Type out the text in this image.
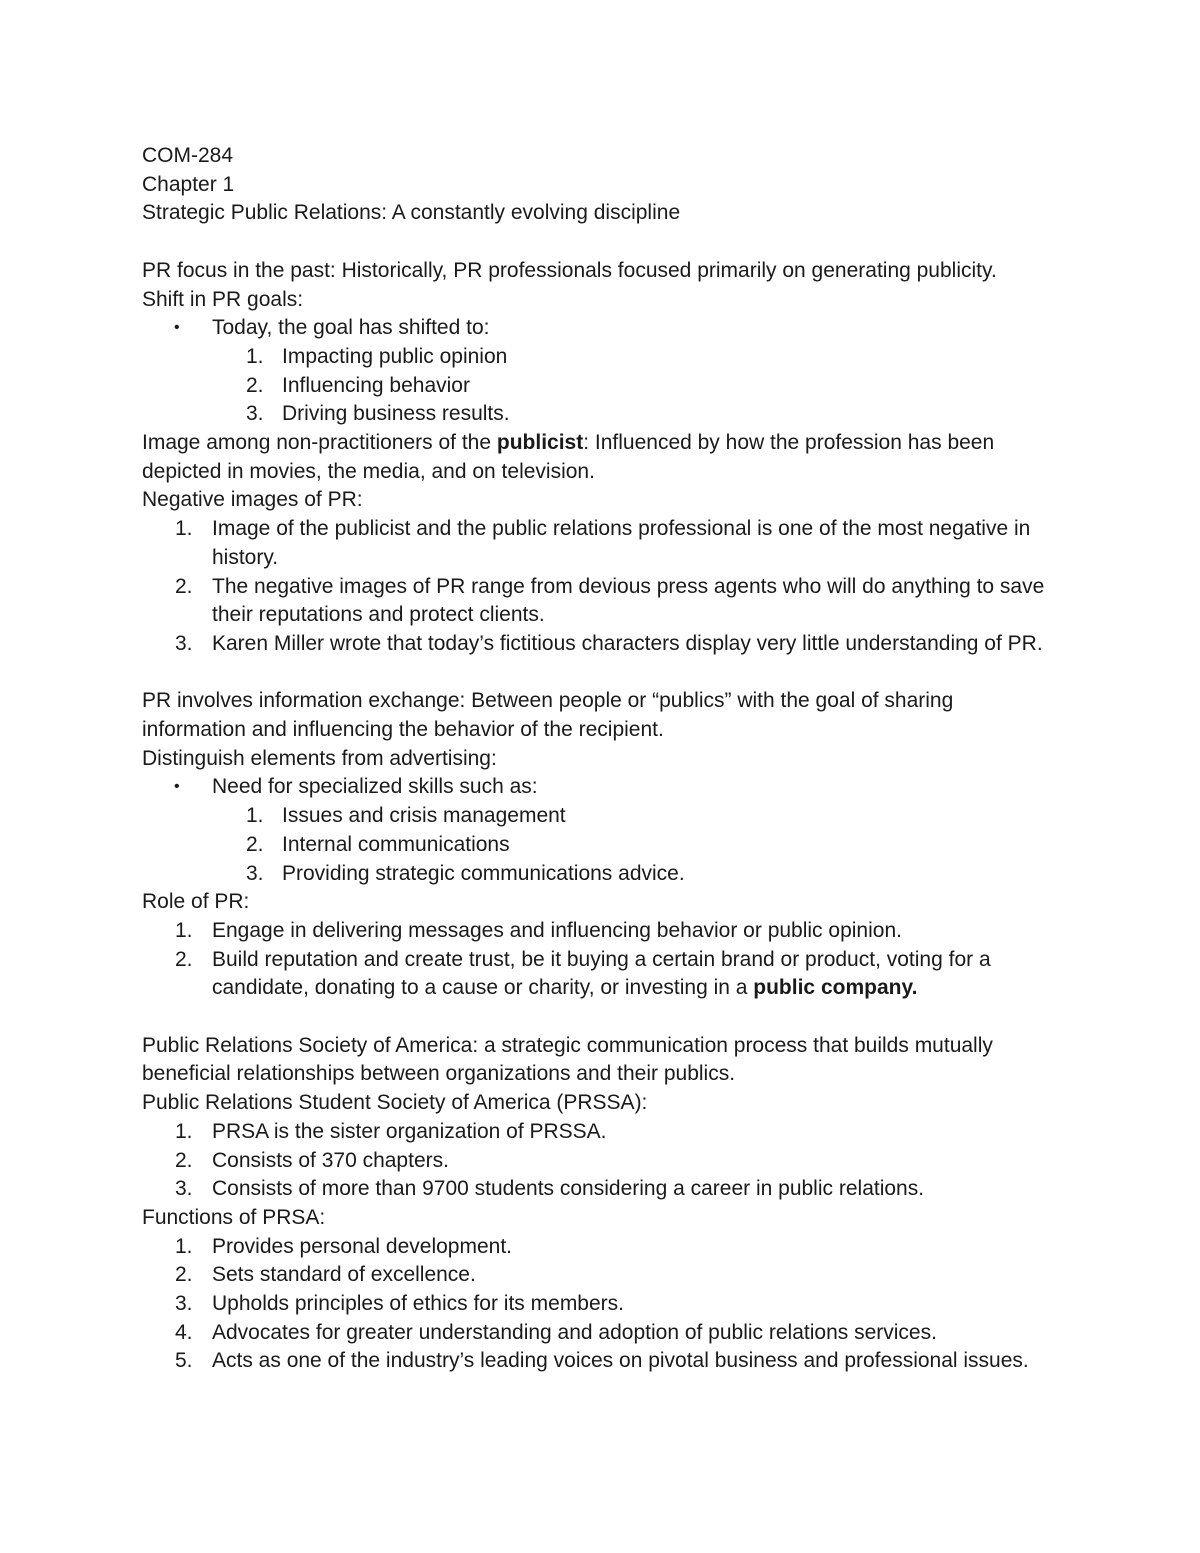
COM-284
Chapter 1
Strategic Public Relations: A constantly evolving discipline
PR focus in the past: Historically, PR professionals focused primarily on generating publicity.
Shift in PR goals:
• Today, the goal has shifted to:
1. Impacting public opinion
2. Influencing behavior
3. Driving business results.
Image among non-practitioners of the publicist: Influenced by how the profession has been depicted in movies, the media, and on television.
Negative images of PR:
1. Image of the publicist and the public relations professional is one of the most negative in history.
2. The negative images of PR range from devious press agents who will do anything to save their reputations and protect clients.
3. Karen Miller wrote that today’s fictitious characters display very little understanding of PR.
PR involves information exchange: Between people or “publics” with the goal of sharing information and influencing the behavior of the recipient.
Distinguish elements from advertising:
• Need for specialized skills such as:
1. Issues and crisis management
2. Internal communications
3. Providing strategic communications advice.
Role of PR:
1. Engage in delivering messages and influencing behavior or public opinion.
2. Build reputation and create trust, be it buying a certain brand or product, voting for a candidate, donating to a cause or charity, or investing in a public company.
Public Relations Society of America: a strategic communication process that builds mutually beneficial relationships between organizations and their publics.
Public Relations Student Society of America (PRSSA):
1. PRSA is the sister organization of PRSSA.
2. Consists of 370 chapters.
3. Consists of more than 9700 students considering a career in public relations.
Functions of PRSA:
1. Provides personal development.
2. Sets standard of excellence.
3. Upholds principles of ethics for its members.
4. Advocates for greater understanding and adoption of public relations services.
5. Acts as one of the industry’s leading voices on pivotal business and professional issues.
